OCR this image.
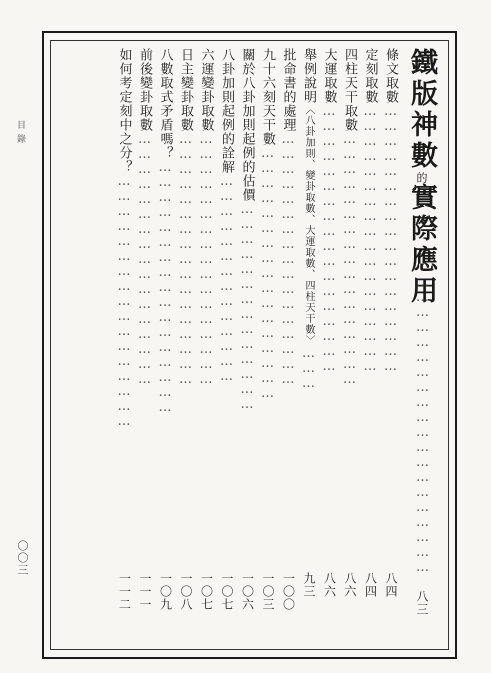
目錄
〇〇三
鐵版神數的實際應用
……………………………………………………
八三
條文取數………………………………………………
八四
定刻取數………………………………………………
八四
四柱天干取數……………………………………………
八六
大運取數………………………………………………
八六
舉例說明〈八卦加則、變卦取數、大運取數、四柱天干數〉………
九三
批命書的處理……………………………………………
一〇〇
九十六刻天干數……………………………………………
一〇三
關於八卦加則起例的估價……………………………………
一〇六
八卦加則起例的詮解……………………………………
一〇七
六運變卦取數……………………………………………
一〇七
日主變卦取數……………………………………………
一〇八
八數取式矛盾嗎？……………………………………………
一〇九
前後變卦取數……………………………………………
一一一
如何考定刻中之分？……………………………………………
一一二
